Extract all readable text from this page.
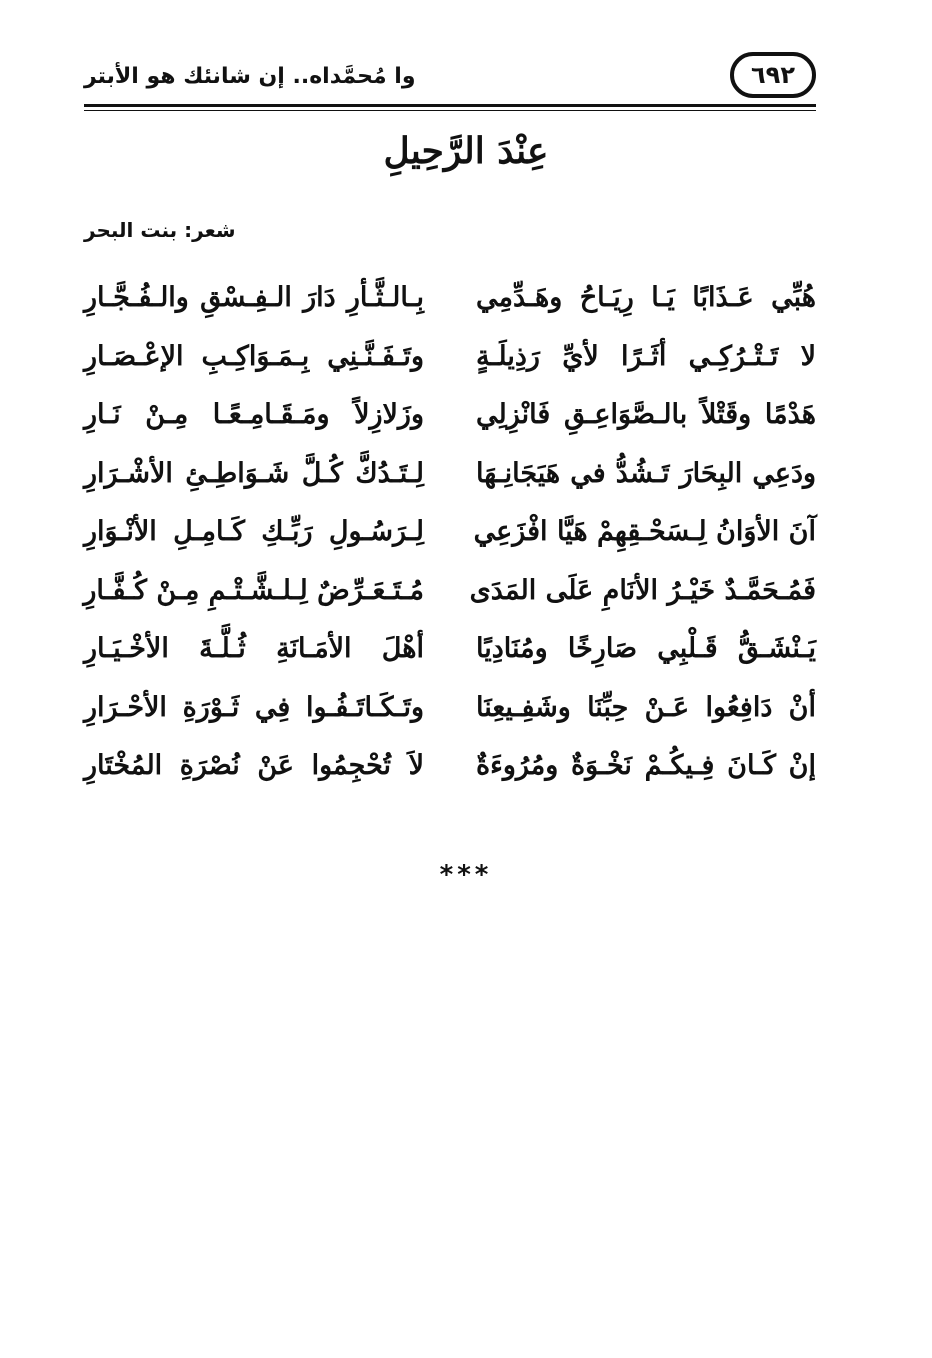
٦٩٢
وا مُحمَّداه.. إن شانئك هو الأبتر
عِنْدَ الرَّحِيلِ
شعر: بنت البحر
هُبِّي عَـذَابًا يَـا رِيَـاحُ وهَـدِّمِي
بِـالـثَّـأرِ دَارَ الـفِـسْقِ والـفُـجَّـارِ
لا تَـتْـرُكِـي أثَـرًا لأيِّ رَذِيلَـةٍ
وتَـفَـنَّـنِي بِـمَـوَاكِـبِ الإعْـصَـارِ
هَدْمًا وقَتْلاً بالـصَّوَاعِـقِ فَانْزِلِي
وزَلازِلاً ومَـقَـامِـعًـا مِـنْ نَـارِ
ودَعِي البِحَارَ تَـشُدُّ في هَيَجَانِـهَا
لِـتَـدُكَّ كُـلَّ شَـوَاطِـئِ الأشْـرَارِ
آنَ الأوَانُ لِـسَحْـقِهِمْ هَيَّا افْزَعِي
لِـرَسُـولِ رَبِّـكِ كَـامِـلِ الأنْـوَارِ
فَمُـحَمَّـدٌ خَيْـرُ الأنَامِ عَلَى المَدَى
مُـتَـعَـرِّضٌ لِـلـشَّـتْـمِ مِـنْ كُـفَّـارِ
يَـنْشَـقُّ قَـلْبِي صَارِخًا ومُنَادِيًا
أهْلَ الأمَـانَةِ ثُـلَّـةَ الأخْـيَـارِ
أنْ دَافِعُوا عَـنْ حِبِّنَا وشَفِـيعِنَا
وتَـكَـاتَـفُـوا فِي ثَـوْرَةِ الأحْـرَارِ
إنْ كَـانَ فِـيكُـمْ نَخْـوَةٌ ومُرُوءَةٌ
لاَ تُحْجِمُوا عَنْ نُصْرَةِ المُخْتَارِ
***
